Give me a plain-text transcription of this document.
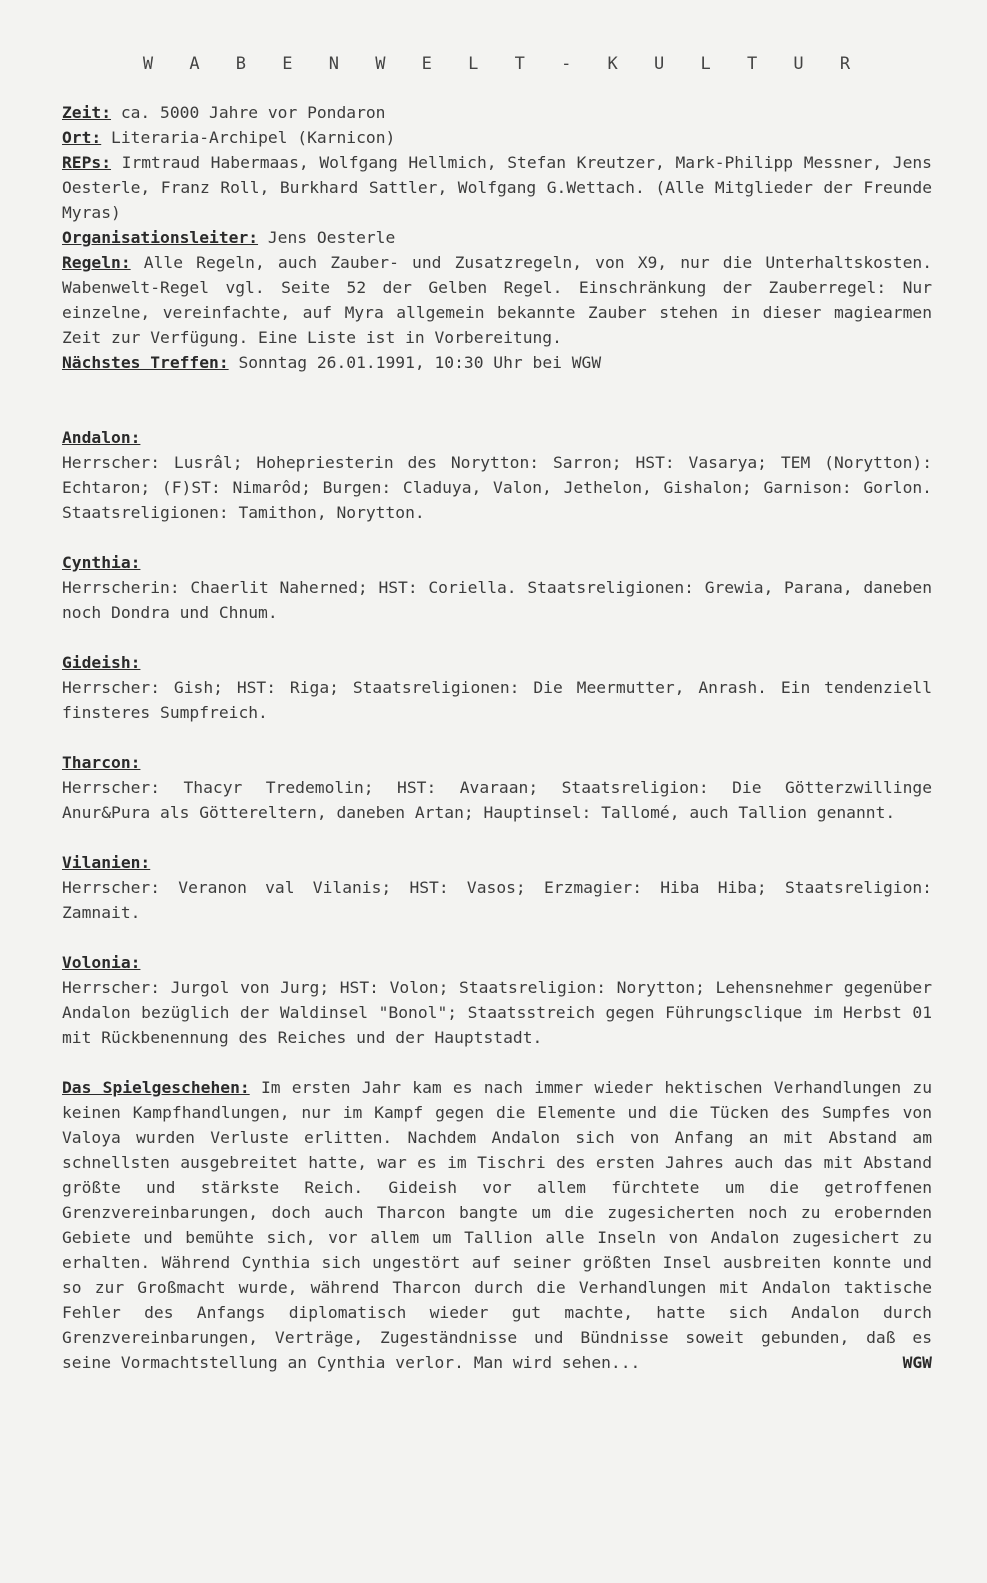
W A B E N W E L T - K U L T U R
Zeit: ca. 5000 Jahre vor Pondaron
Ort: Literaria-Archipel (Karnicon)
REPs: Irmtraud Habermaas, Wolfgang Hellmich, Stefan Kreutzer, Mark-Philipp Messner, Jens Oesterle, Franz Roll, Burkhard Sattler, Wolfgang G.Wettach. (Alle Mitglieder der Freunde Myras)
Organisationsleiter: Jens Oesterle
Regeln: Alle Regeln, auch Zauber- und Zusatzregeln, von X9, nur die Unterhaltskosten. Wabenwelt-Regel vgl. Seite 52 der Gelben Regel. Einschränkung der Zauberregel: Nur einzelne, vereinfachte, auf Myra allgemein bekannte Zauber stehen in dieser magiearmen Zeit zur Verfügung. Eine Liste ist in Vorbereitung.
Nächstes Treffen: Sonntag 26.01.1991, 10:30 Uhr bei WGW
Andalon:
Herrscher: Lusrâl; Hohepriesterin des Norytton: Sarron; HST: Vasarya; TEM (Norytton): Echtaron; (F)ST: Nimarôd; Burgen: Claduya, Valon, Jethelon, Gishalon; Garnison: Gorlon. Staatsreligionen: Tamithon, Norytton.
Cynthia:
Herrscherin: Chaerlit Naherned; HST: Coriella. Staatsreligionen: Grewia, Parana, daneben noch Dondra und Chnum.
Gideish:
Herrscher: Gish; HST: Riga; Staatsreligionen: Die Meermutter, Anrash. Ein tendenziell finsteres Sumpfreich.
Tharcon:
Herrscher: Thacyr Tredemolin; HST: Avaraan; Staatsreligion: Die Götterzwillinge Anur&Pura als Göttereltern, daneben Artan; Hauptinsel: Tallomé, auch Tallion genannt.
Vilanien:
Herrscher: Veranon val Vilanis; HST: Vasos; Erzmagier: Hiba Hiba; Staatsreligion: Zamnait.
Volonia:
Herrscher: Jurgol von Jurg; HST: Volon; Staatsreligion: Norytton; Lehensnehmer gegenüber Andalon bezüglich der Waldinsel "Bonol"; Staatsstreich gegen Führungsclique im Herbst 01 mit Rückbenennung des Reiches und der Hauptstadt.
Das Spielgeschehen: Im ersten Jahr kam es nach immer wieder hektischen Verhandlungen zu keinen Kampfhandlungen, nur im Kampf gegen die Elemente und die Tücken des Sumpfes von Valoya wurden Verluste erlitten. Nachdem Andalon sich von Anfang an mit Abstand am schnellsten ausgebreitet hatte, war es im Tischri des ersten Jahres auch das mit Abstand größte und stärkste Reich. Gideish vor allem fürchtete um die getroffenen Grenzvereinbarungen, doch auch Tharcon bangte um die zugesicherten noch zu erobernden Gebiete und bemühte sich, vor allem um Tallion alle Inseln von Andalon zugesichert zu erhalten. Während Cynthia sich ungestört auf seiner größten Insel ausbreiten konnte und so zur Großmacht wurde, während Tharcon durch die Verhandlungen mit Andalon taktische Fehler des Anfangs diplomatisch wieder gut machte, hatte sich Andalon durch Grenzvereinbarungen, Verträge, Zugeständnisse und Bündnisse soweit gebunden, daß es seine Vormachtstellung an Cynthia verlor. Man wird sehen...	WGW
